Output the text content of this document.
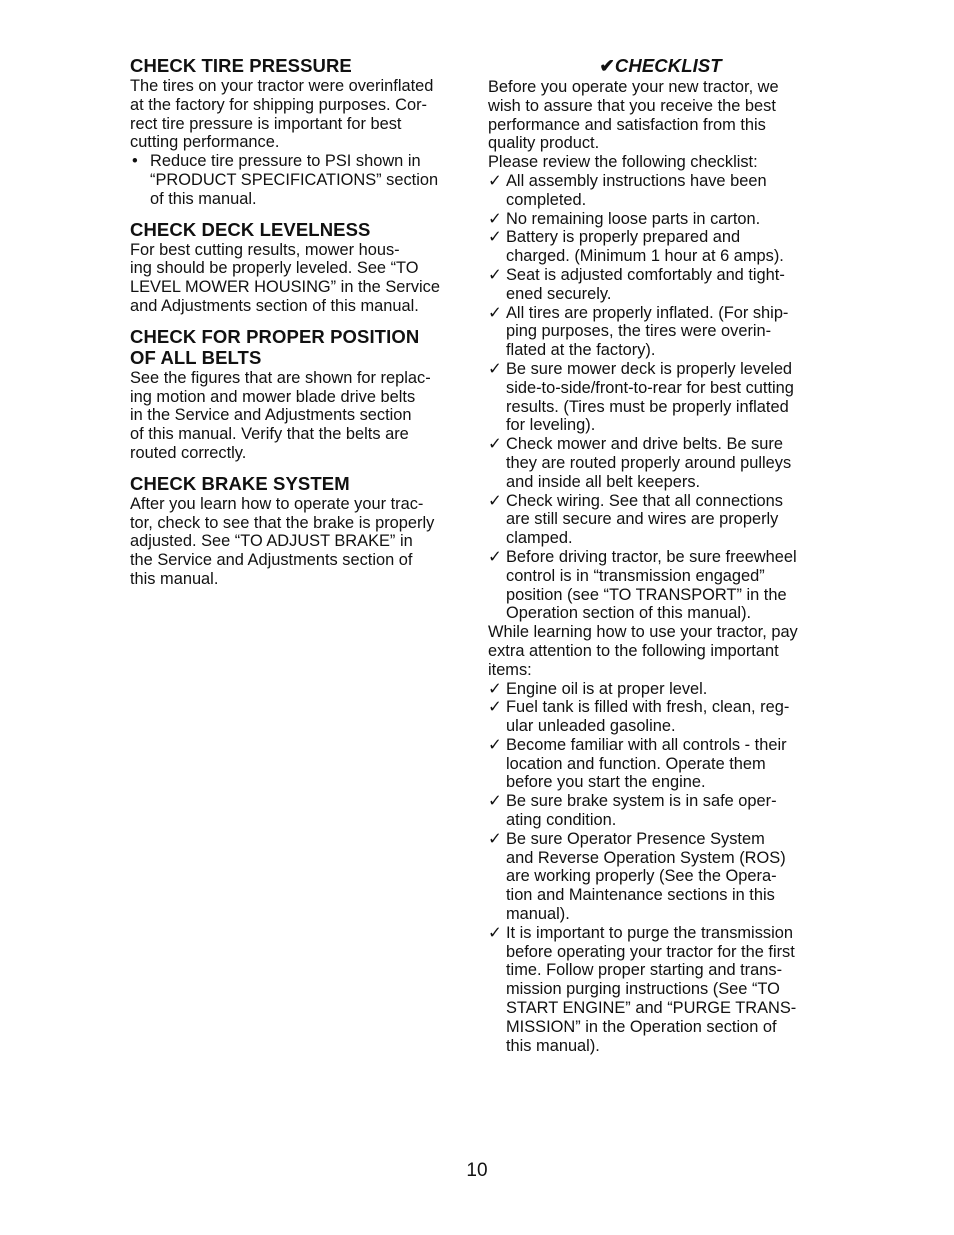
CHECK TIRE PRESSURE

The tires on your tractor were overinflated
at the factory for shipping purposes. Cor-
rect tire pressure is important for best
cutting performance.

• Reduce tire pressure to PSI shown in
“PRODUCT SPECIFICATIONS” section
of this manual.
CHECK DECK LEVELNESS

For best cutting results, mower hous-
ing should be properly leveled. See “TO
LEVEL MOWER HOUSING” in the Service
and Adjustments section of this manual.

CHECK FOR PROPER POSITION
OF ALL BELTS

See the figures that are shown for replac-
ing motion and mower blade drive belts
in the Service and Adjustments section
of this manual. Verify that the belts are
routed correctly.

CHECK BRAKE SYSTEM

After you learn how to operate your trac-
tor, check to see that the brake is properly
adjusted. See “TO ADJUST BRAKE” in
the Service and Adjustments section of
this manual.

✔CHECKLIST

Before you operate your new tractor, we
wish to assure that you receive the best
performance and satisfaction from this
quality product.
Please review the following checklist:

✓ All assembly instructions have been
completed.
✓ No remaining loose parts in carton.
✓ Battery is properly prepared and
charged. (Minimum 1 hour at 6 amps).
✓ Seat is adjusted comfortably and tight-
ened securely.
✓ All tires are properly inflated. (For ship-
ping purposes, the tires were overin-
flated at the factory).
✓ Be sure mower deck is properly leveled
side-to-side/front-to-rear for best cutting
results. (Tires must be properly inflated
for leveling).
✓ Check mower and drive belts. Be sure
they are routed properly around pulleys
and inside all belt keepers.
✓ Check wiring. See that all connections
are still secure and wires are properly
clamped.
✓ Before driving tractor, be sure freewheel
control is in “transmission engaged”
position (see “TO TRANSPORT” in the
Operation section of this manual).

While learning how to use your tractor, pay
extra attention to the following important
items:

✓ Engine oil is at proper level.
✓ Fuel tank is filled with fresh, clean, reg-
ular unleaded gasoline.
✓ Become familiar with all controls - their
location and function. Operate them
before you start the engine.
✓ Be sure brake system is in safe oper-
ating condition.
✓ Be sure Operator Presence System
and Reverse Operation System (ROS)
are working properly (See the Opera-
tion and Maintenance sections in this
manual).
✓ It is important to purge the transmission
before operating your tractor for the first
time. Follow proper starting and trans-
mission purging instructions (See “TO
START ENGINE” and “PURGE TRANS-
MISSION” in the Operation section of
this manual).
10
